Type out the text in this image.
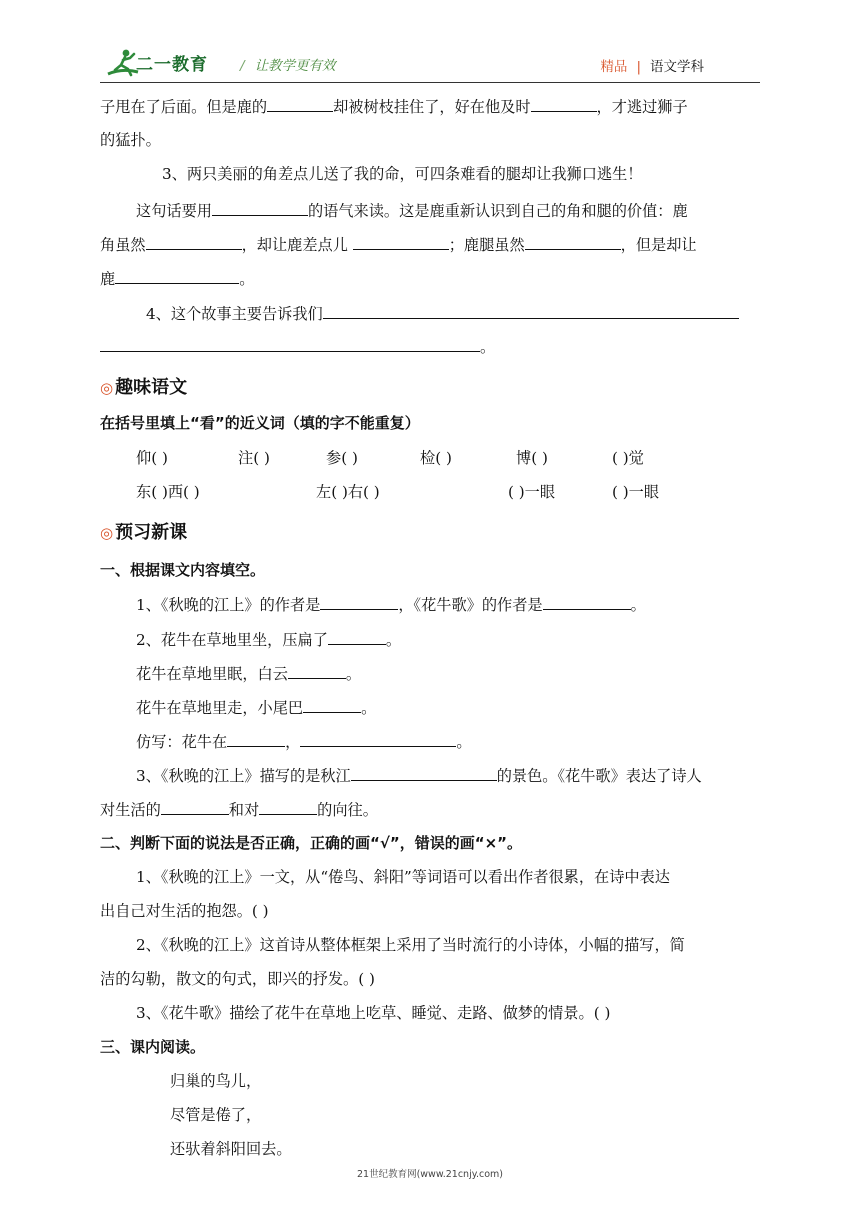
二一教育 / 让教学更有效	精品 | 语文学科
子甩在了后面。但是鹿的	却被树枝挂住了，好在他及时	，才逃过狮子
的猛扑。
3、两只美丽的角差点儿送了我的命，可四条难看的腿却让我狮口逃生！
这句话要用	的语气来读。这是鹿重新认识到自己的角和腿的价值：鹿
角虽然	，却让鹿差点儿	；鹿腿虽然	，但是却让
鹿	。
4、这个故事主要告诉我们
。
◎ 趣味语文
在括号里填上“看”的近义词（填的字不能重复）
仰( )	注( )	参( )	检( )	博( )	( )觉
东( )西( )	左( )右( )	( )一眼	( )一眼
◎ 预习新课
一、根据课文内容填空。
1、《秋晚的江上》的作者是	，《花牛歌》的作者是	。
2、花牛在草地里坐，压扁了	。
花牛在草地里眠，白云	。
花牛在草地里走，小尾巴	。
仿写：花牛在	，	。
3、《秋晚的江上》描写的是秋江	的景色。《花牛歌》表达了诗人
对生活的	和对	的向往。
二、判断下面的说法是否正确，正确的画“√”，错误的画“×”。
1、《秋晚的江上》一文，从“倦鸟、斜阳”等词语可以看出作者很累，在诗中表达
出自己对生活的抱怨。( )
2、《秋晚的江上》这首诗从整体框架上采用了当时流行的小诗体，小幅的描写，简
洁的勾勒，散文的句式，即兴的抒发。( )
3、《花牛歌》描绘了花牛在草地上吃草、睡觉、走路、做梦的情景。( )
三、课内阅读。
归巢的鸟儿，
尽管是倦了，
还驮着斜阳回去。
21世纪教育网(www.21cnjy.com)
